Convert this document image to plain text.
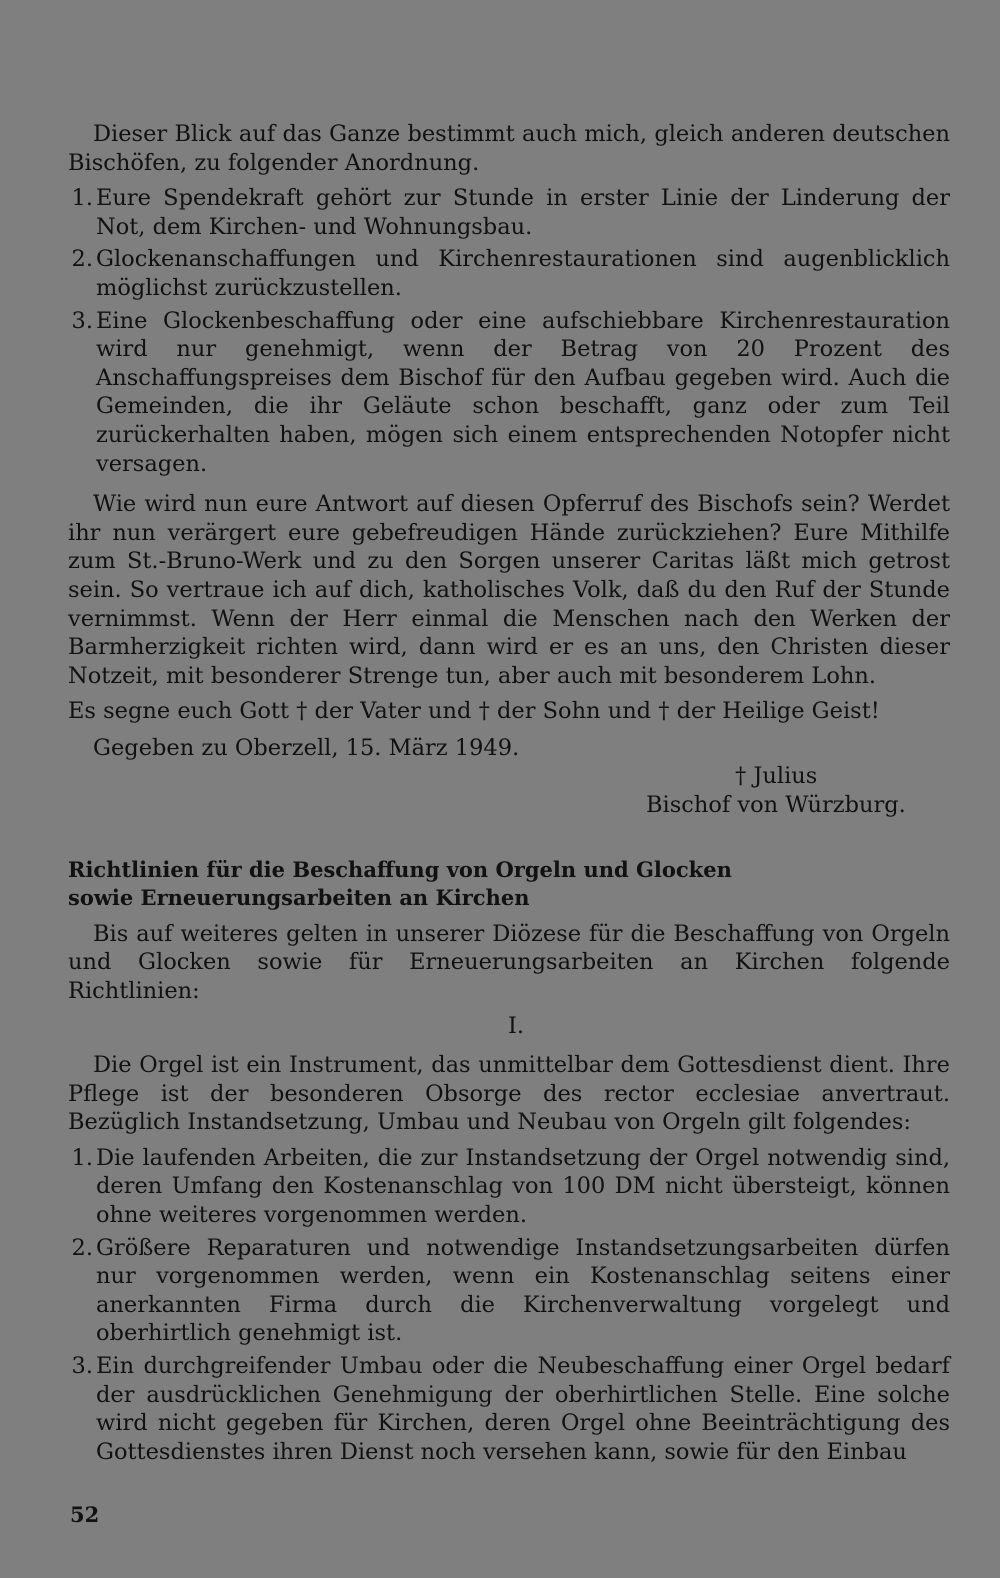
Dieser Blick auf das Ganze bestimmt auch mich, gleich anderen deutschen Bischöfen, zu folgender Anordnung.

1. Eure Spendekraft gehört zur Stunde in erster Linie der Linderung der Not, dem Kirchen- und Wohnungsbau.
2. Glockenanschaffungen und Kirchenrestaurationen sind augenblicklich möglichst zurückzustellen.
3. Eine Glockenbeschaffung oder eine aufschiebbare Kirchenrestauration wird nur genehmigt, wenn der Betrag von 20 Prozent des Anschaffungspreises dem Bischof für den Aufbau gegeben wird. Auch die Gemeinden, die ihr Geläute schon beschafft, ganz oder zum Teil zurückerhalten haben, mögen sich einem entsprechenden Notopfer nicht versagen.

Wie wird nun eure Antwort auf diesen Opferruf des Bischofs sein? Werdet ihr nun verärgert eure gebefreudigen Hände zurückziehen? Eure Mithilfe zum St.-Bruno-Werk und zu den Sorgen unserer Caritas läßt mich getrost sein. So vertraue ich auf dich, katholisches Volk, daß du den Ruf der Stunde vernimmst. Wenn der Herr einmal die Menschen nach den Werken der Barmherzigkeit richten wird, dann wird er es an uns, den Christen dieser Notzeit, mit besonderer Strenge tun, aber auch mit besonderem Lohn.

Es segne euch Gott † der Vater und † der Sohn und † der Heilige Geist!

Gegeben zu Oberzell, 15. März 1949.

† Julius

Bischof von Würzburg.

Richtlinien für die Beschaffung von Orgeln und Glocken
sowie Erneuerungsarbeiten an Kirchen

Bis auf weiteres gelten in unserer Diözese für die Beschaffung von Orgeln und Glocken sowie für Erneuerungsarbeiten an Kirchen folgende Richtlinien:

I.

Die Orgel ist ein Instrument, das unmittelbar dem Gottesdienst dient. Ihre Pflege ist der besonderen Obsorge des rector ecclesiae anvertraut. Bezüglich Instandsetzung, Umbau und Neubau von Orgeln gilt folgendes:

1. Die laufenden Arbeiten, die zur Instandsetzung der Orgel notwendig sind, deren Umfang den Kostenanschlag von 100 DM nicht übersteigt, können ohne weiteres vorgenommen werden.
2. Größere Reparaturen und notwendige Instandsetzungsarbeiten dürfen nur vorgenommen werden, wenn ein Kostenanschlag seitens einer anerkannten Firma durch die Kirchenverwaltung vorgelegt und oberhirtlich genehmigt ist.
3. Ein durchgreifender Umbau oder die Neubeschaffung einer Orgel bedarf der ausdrücklichen Genehmigung der oberhirtlichen Stelle. Eine solche wird nicht gegeben für Kirchen, deren Orgel ohne Beeinträchtigung des Gottesdienstes ihren Dienst noch versehen kann, sowie für den Einbau
52
